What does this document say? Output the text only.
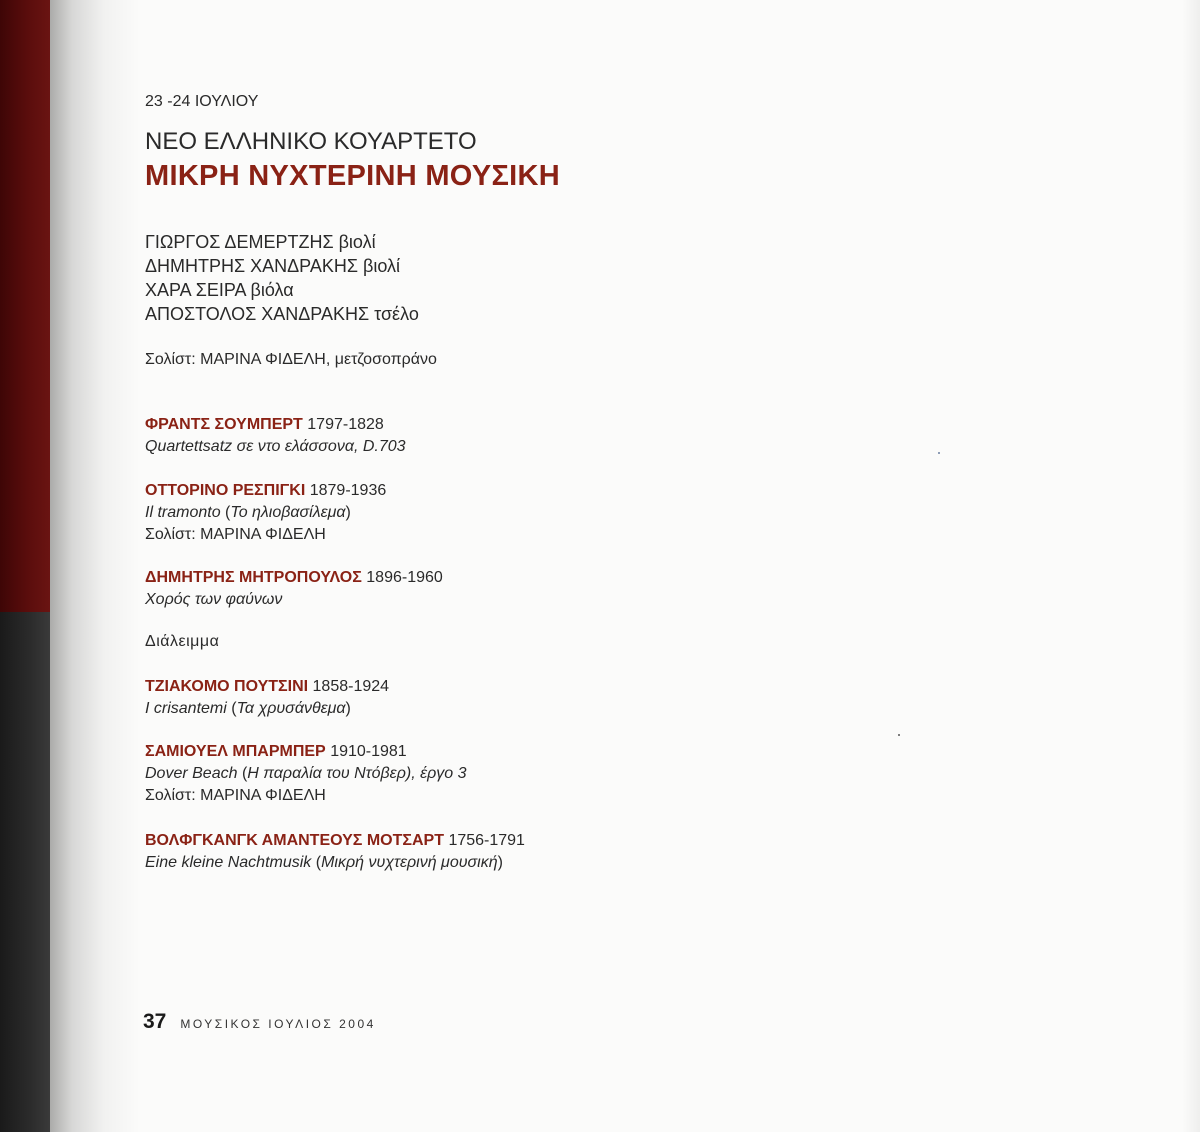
23 -24 ΙΟΥΛΙΟΥ
ΝΕΟ ΕΛΛΗΝΙΚΟ ΚΟΥΑΡΤΕΤΟ
ΜΙΚΡΗ ΝΥΧΤΕΡΙΝΗ ΜΟΥΣΙΚΗ
ΓΙΩΡΓΟΣ ΔΕΜΕΡΤΖΗΣ βιολί
ΔΗΜΗΤΡΗΣ ΧΑΝΔΡΑΚΗΣ βιολί
ΧΑΡΑ ΣΕΙΡΑ βιόλα
ΑΠΟΣΤΟΛΟΣ ΧΑΝΔΡΑΚΗΣ τσέλο
Σολίστ: ΜΑΡΙΝΑ ΦΙΔΕΛΗ, μετζοσοπράνο
ΦΡΑΝΤΣ ΣΟΥΜΠΕΡΤ 1797-1828
Quartettsatz σε ντο ελάσσονα, D.703
ΟΤΤΟΡΙΝΟ ΡΕΣΠΙΓΚΙ 1879-1936
Il tramonto (Το ηλιοβασίλεμα)
Σολίστ: ΜΑΡΙΝΑ ΦΙΔΕΛΗ
ΔΗΜΗΤΡΗΣ ΜΗΤΡΟΠΟΥΛΟΣ 1896-1960
Χορός των φαύνων
Διάλειμμα
ΤΖΙΑΚΟΜΟ ΠΟΥΤΣΙΝΙ 1858-1924
I crisantemi (Τα χρυσάνθεμα)
ΣΑΜΙΟΥΕΛ ΜΠΑΡΜΠΕΡ 1910-1981
Dover Beach (Η παραλία του Ντόβερ), έργο 3
Σολίστ: ΜΑΡΙΝΑ ΦΙΔΕΛΗ
ΒΟΛΦΓΚΑΝΓΚ ΑΜΑΝΤΕΟΥΣ ΜΟΤΣΑΡΤ 1756-1791
Eine kleine Nachtmusik (Μικρή νυχτερινή μουσική)
37 ΜΟΥΣΙΚΟΣ ΙΟΥΛΙΟΣ 2004
